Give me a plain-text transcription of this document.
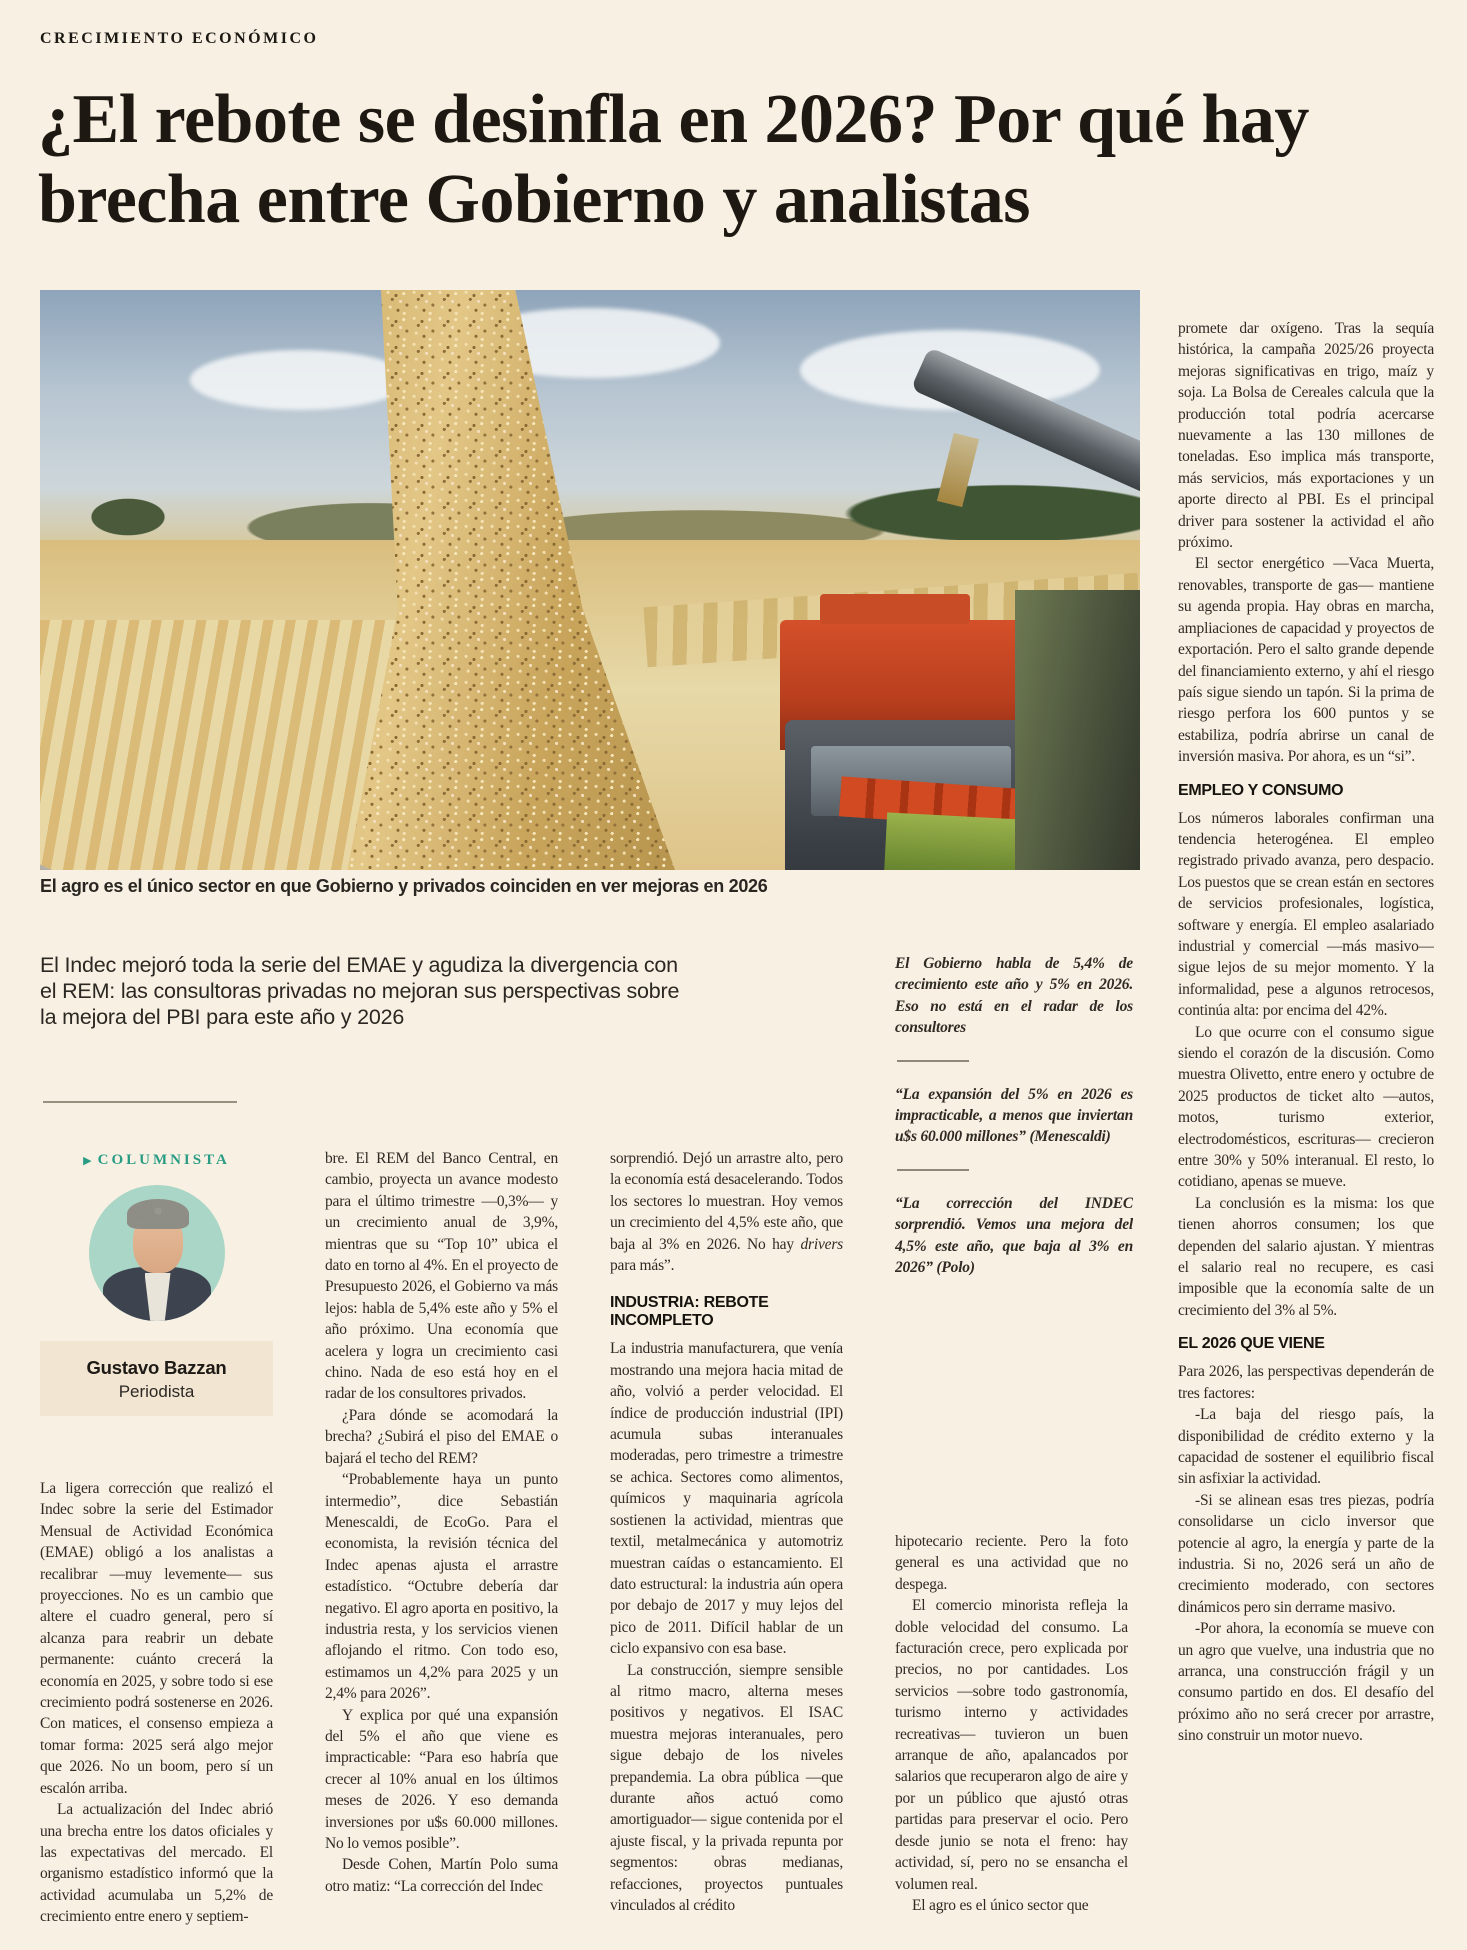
CRECIMIENTO ECONÓMICO
¿El rebote se desinfla en 2026? Por qué hay brecha entre Gobierno y analistas
El agro es el único sector en que Gobierno y privados coinciden en ver mejoras en 2026
El Indec mejoró toda la serie del EMAE y agudiza la divergencia con el REM: las consultoras privadas no mejoran sus perspectivas sobre la mejora del PBI para este año y 2026
▶ COLUMNISTA
Gustavo Bazzan
Periodista

La ligera corrección que realizó el Indec sobre la serie del Estimador Mensual de Actividad Económica (EMAE) obligó a los analistas a recalibrar —muy levemente— sus proyecciones. No es un cambio que altere el cuadro general, pero sí alcanza para reabrir un debate permanente: cuánto crecerá la economía en 2025, y sobre todo si ese crecimiento podrá sostenerse en 2026. Con matices, el consenso empieza a tomar forma: 2025 será algo mejor que 2026. No un boom, pero sí un escalón arriba.

La actualización del Indec abrió una brecha entre los datos oficiales y las expectativas del mercado. El organismo estadístico informó que la actividad acumulaba un 5,2% de crecimiento entre enero y septiem-

bre. El REM del Banco Central, en cambio, proyecta un avance modesto para el último trimestre —0,3%— y un crecimiento anual de 3,9%, mientras que su “Top 10” ubica el dato en torno al 4%. En el proyecto de Presupuesto 2026, el Gobierno va más lejos: habla de 5,4% este año y 5% el año próximo. Una economía que acelera y logra un crecimiento casi chino. Nada de eso está hoy en el radar de los consultores privados.

¿Para dónde se acomodará la brecha? ¿Subirá el piso del EMAE o bajará el techo del REM?

“Probablemente haya un punto intermedio”, dice Sebastián Menescaldi, de EcoGo. Para el economista, la revisión técnica del Indec apenas ajusta el arrastre estadístico. “Octubre debería dar negativo. El agro aporta en positivo, la industria resta, y los servicios vienen aflojando el ritmo. Con todo eso, estimamos un 4,2% para 2025 y un 2,4% para 2026”.

Y explica por qué una expansión del 5% el año que viene es impracticable: “Para eso habría que crecer al 10% anual en los últimos meses de 2026. Y eso demanda inversiones por u$s 60.000 millones. No lo vemos posible”.

Desde Cohen, Martín Polo suma otro matiz: “La corrección del Indec

sorprendió. Dejó un arrastre alto, pero la economía está desacelerando. Todos los sectores lo muestran. Hoy vemos un crecimiento del 4,5% este año, que baja al 3% en 2026. No hay drivers para más”.

INDUSTRIA: REBOTE INCOMPLETO

La industria manufacturera, que venía mostrando una mejora hacia mitad de año, volvió a perder velocidad. El índice de producción industrial (IPI) acumula subas interanuales moderadas, pero trimestre a trimestre se achica. Sectores como alimentos, químicos y maquinaria agrícola sostienen la actividad, mientras que textil, metalmecánica y automotriz muestran caídas o estancamiento. El dato estructural: la industria aún opera por debajo de 2017 y muy lejos del pico de 2011. Difícil hablar de un ciclo expansivo con esa base.

La construcción, siempre sensible al ritmo macro, alterna meses positivos y negativos. El ISAC muestra mejoras interanuales, pero sigue debajo de los niveles prepandemia. La obra pública —que durante años actuó como amortiguador— sigue contenida por el ajuste fiscal, y la privada repunta por segmentos: obras medianas, refacciones, proyectos puntuales vinculados al crédito

El Gobierno habla de 5,4% de crecimiento este año y 5% en 2026. Eso no está en el radar de los consultores

“La expansión del 5% en 2026 es impracticable, a menos que inviertan u$s 60.000 millones” (Menescaldi)

“La corrección del INDEC sorprendió. Vemos una mejora del 4,5% este año, que baja al 3% en 2026” (Polo)

hipotecario reciente. Pero la foto general es una actividad que no despega.

El comercio minorista refleja la doble velocidad del consumo. La facturación crece, pero explicada por precios, no por cantidades. Los servicios —sobre todo gastronomía, turismo interno y actividades recreativas— tuvieron un buen arranque de año, apalancados por salarios que recuperaron algo de aire y por un público que ajustó otras partidas para preservar el ocio. Pero desde junio se nota el freno: hay actividad, sí, pero no se ensancha el volumen real.

El agro es el único sector que

promete dar oxígeno. Tras la sequía histórica, la campaña 2025/26 proyecta mejoras significativas en trigo, maíz y soja. La Bolsa de Cereales calcula que la producción total podría acercarse nuevamente a las 130 millones de toneladas. Eso implica más transporte, más servicios, más exportaciones y un aporte directo al PBI. Es el principal driver para sostener la actividad el año próximo.

El sector energético —Vaca Muerta, renovables, transporte de gas— mantiene su agenda propia. Hay obras en marcha, ampliaciones de capacidad y proyectos de exportación. Pero el salto grande depende del financiamiento externo, y ahí el riesgo país sigue siendo un tapón. Si la prima de riesgo perfora los 600 puntos y se estabiliza, podría abrirse un canal de inversión masiva. Por ahora, es un “si”.

EMPLEO Y CONSUMO

Los números laborales confirman una tendencia heterogénea. El empleo registrado privado avanza, pero despacio. Los puestos que se crean están en sectores de servicios profesionales, logística, software y energía. El empleo asalariado industrial y comercial —más masivo— sigue lejos de su mejor momento. Y la informalidad, pese a algunos retrocesos, continúa alta: por encima del 42%.

Lo que ocurre con el consumo sigue siendo el corazón de la discusión. Como muestra Olivetto, entre enero y octubre de 2025 productos de ticket alto —autos, motos, turismo exterior, electrodomésticos, escrituras— crecieron entre 30% y 50% interanual. El resto, lo cotidiano, apenas se mueve.

La conclusión es la misma: los que tienen ahorros consumen; los que dependen del salario ajustan. Y mientras el salario real no recupere, es casi imposible que la economía salte de un crecimiento del 3% al 5%.

EL 2026 QUE VIENE

Para 2026, las perspectivas dependerán de tres factores:

-La baja del riesgo país, la disponibilidad de crédito externo y la capacidad de sostener el equilibrio fiscal sin asfixiar la actividad.

-Si se alinean esas tres piezas, podría consolidarse un ciclo inversor que potencie al agro, la energía y parte de la industria. Si no, 2026 será un año de crecimiento moderado, con sectores dinámicos pero sin derrame masivo.

-Por ahora, la economía se mueve con un agro que vuelve, una industria que no arranca, una construcción frágil y un consumo partido en dos. El desafío del próximo año no será crecer por arrastre, sino construir un motor nuevo.
